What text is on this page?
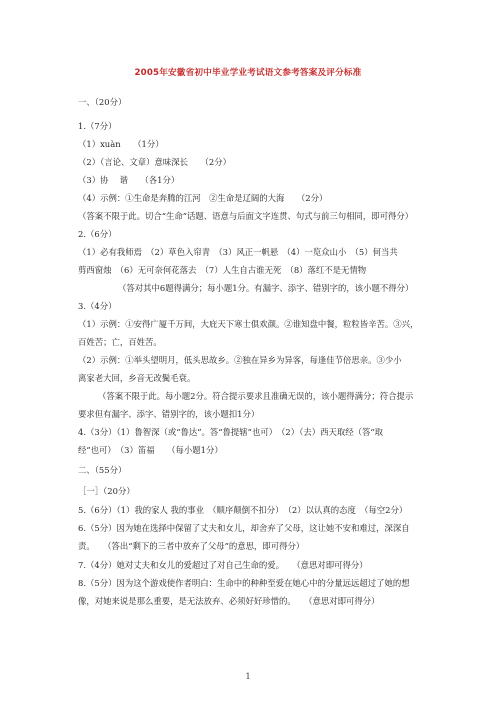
2005年安徽省初中毕业学业考试语文参考答案及评分标准
一、（20分）
1.（7分）
（1）xuàn　　（1分）
（2）（言论、文章）意味深长　　（2分）
（3）协　 谐　　（各1分）
（4）示例：①生命是奔腾的江河　②生命是辽阔的大海　　（2分）
（答案不限于此。切合“生命”话题、语意与后面文字连贯、句式与前三句相同，即可得分）
2.（6分）
（1）必有我师焉　（2）草色入帘青　（3）风正一帆悬　（4）一览众山小　（5）何当共
剪西窗烛　（6）无可奈何花落去　（7）人生自古谁无死　（8）落红不是无情物
（答对其中6题得满分；每小题1分。有漏字、添字、错别字的，该小题不得分）
3.（4分）
（1）示例：①安得广厦千万间，大庇天下寒士俱欢颜。②谁知盘中餐，粒粒皆辛苦。③兴，
百姓苦；亡，百姓苦。
（2）示例：①举头望明月，低头思故乡。②独在异乡为异客，每逢佳节倍思亲。③少小
离家老大回，乡音无改鬓毛衰。
（答案不限于此。每小题2分。符合提示要求且准确无误的，该小题得满分；符合提示
要求但有漏字、添字、错别字的，该小题扣1分）
4.（3分）（1）鲁智深（或“鲁达”。答“鲁提辖”也可）　（2）（去）西天取经（答“取
经”也可）　（3）笛福　　（每小题1分）
二、（55分）
［一］（20分）
5.（6分）（1）我的家人 我的事业　（顺序颠倒不扣分）　（2）以认真的态度　（每空2分）
6.（5分）因为她在选择中保留了丈夫和女儿，却舍弃了父母，这让她不安和难过，深深自
责。　　（答出“剩下的三者中放弃了父母”的意思，即可得分）
7.（4分）她对丈夫和女儿的爱超过了对自己生命的爱。　　（意思对即可得分）
8.（5分）因为这个游戏使作者明白：生命中的种种至爱在她心中的分量远远超过了她的想
像，对她来说是那么重要，是无法放弃、必须好好珍惜的。　　（意思对即可得分）
1
